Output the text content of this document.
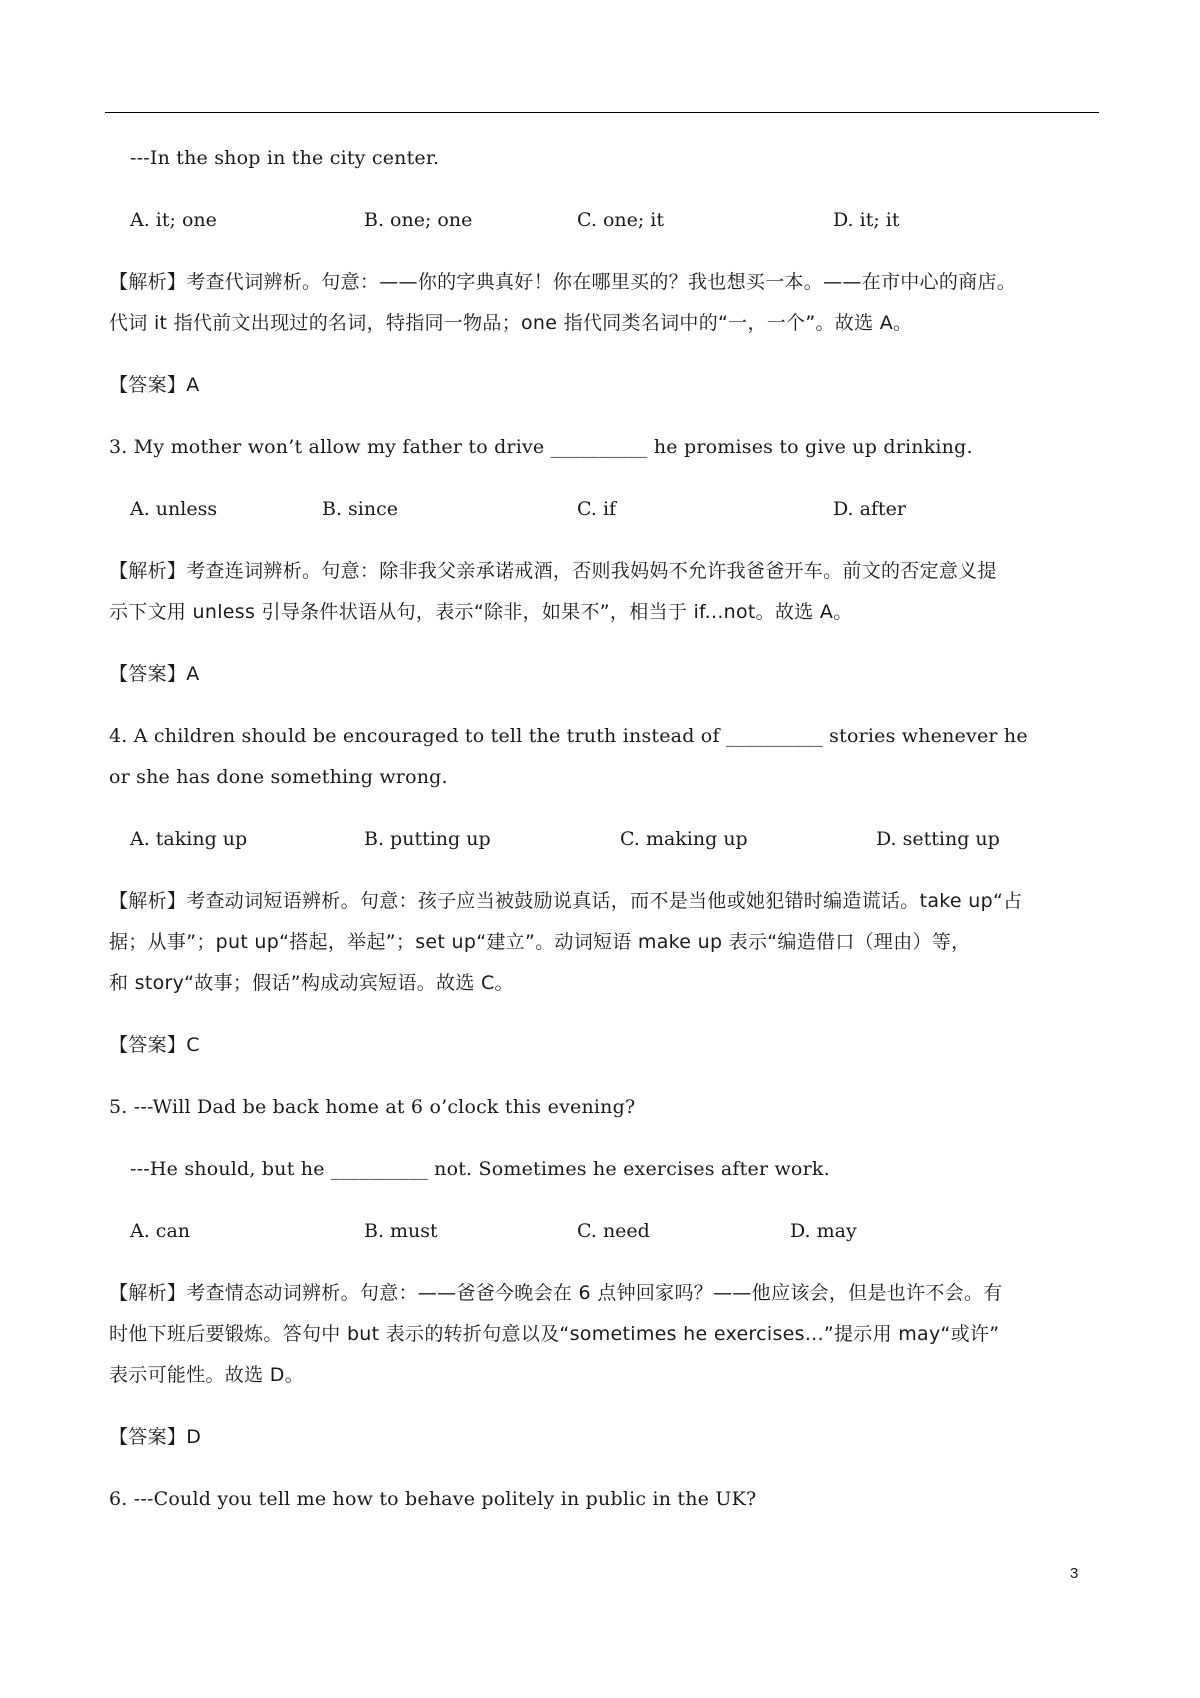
---In the shop in the city center.
A. it; one	B. one; one	C. one; it	D. it; it
【解析】考查代词辨析。句意：——你的字典真好！你在哪里买的？我也想买一本。——在市中心的商店。
代词 it 指代前文出现过的名词，特指同一物品；one 指代同类名词中的“一，一个”。故选 A。
【答案】A
3. My mother won’t allow my father to drive __________ he promises to give up drinking.
A. unless	B. since	C. if	D. after
【解析】考查连词辨析。句意：除非我父亲承诺戒酒，否则我妈妈不允许我爸爸开车。前文的否定意义提
示下文用 unless 引导条件状语从句，表示“除非，如果不”，相当于 if...not。故选 A。
【答案】A
4. A children should be encouraged to tell the truth instead of __________ stories whenever he
or she has done something wrong.
A. taking up	B. putting up	C. making up	D. setting up
【解析】考查动词短语辨析。句意：孩子应当被鼓励说真话，而不是当他或她犯错时编造谎话。take up“占
据；从事”；put up“搭起，举起”；set up“建立”。动词短语 make up 表示“编造借口（理由）等，
和 story“故事；假话”构成动宾短语。故选 C。
【答案】C
5. ---Will Dad be back home at 6 o’clock this evening?
---He should, but he __________ not. Sometimes he exercises after work.
A. can	B. must	C. need	D. may
【解析】考查情态动词辨析。句意：——爸爸今晚会在 6 点钟回家吗？——他应该会，但是也许不会。有
时他下班后要锻炼。答句中 but 表示的转折句意以及“sometimes he exercises...”提示用 may“或许”
表示可能性。故选 D。
【答案】D
6. ---Could you tell me how to behave politely in public in the UK?
3
